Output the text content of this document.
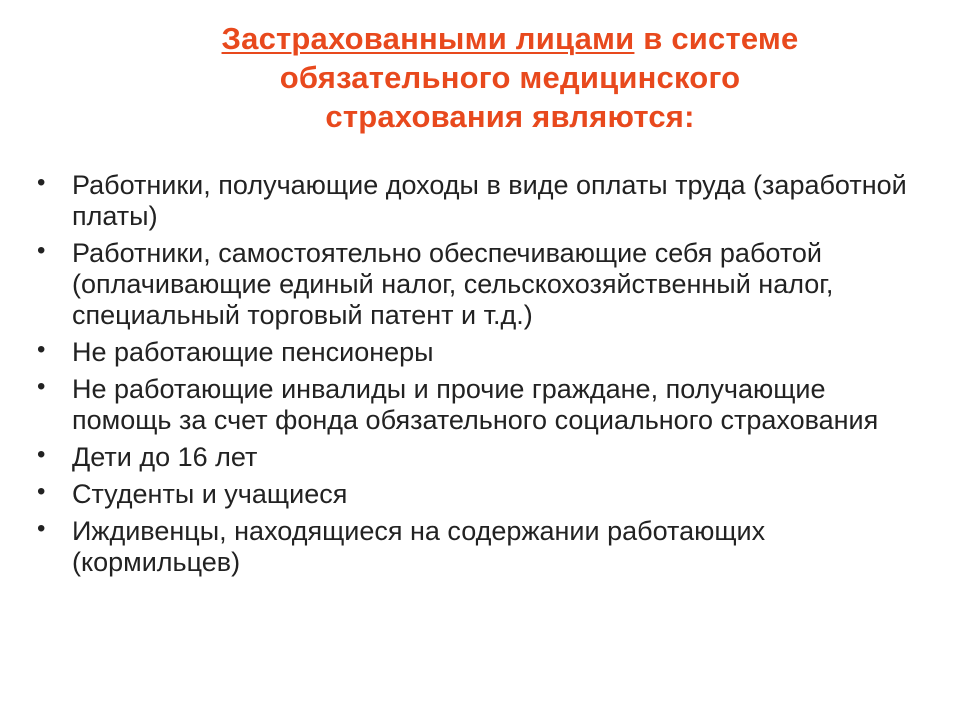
Застрахованными лицами в системе
обязательного медицинского
страхования являются:
• Работники, получающие доходы в виде оплаты труда (заработной платы)
• Работники, самостоятельно обеспечивающие себя работой (оплачивающие единый налог, сельскохозяйственный налог, специальный торговый патент и т.д.)
• Не работающие пенсионеры
• Не работающие инвалиды и прочие граждане, получающие помощь за счет фонда обязательного социального страхования
• Дети до 16 лет
• Студенты и учащиеся
• Иждивенцы, находящиеся на содержании работающих (кормильцев)
